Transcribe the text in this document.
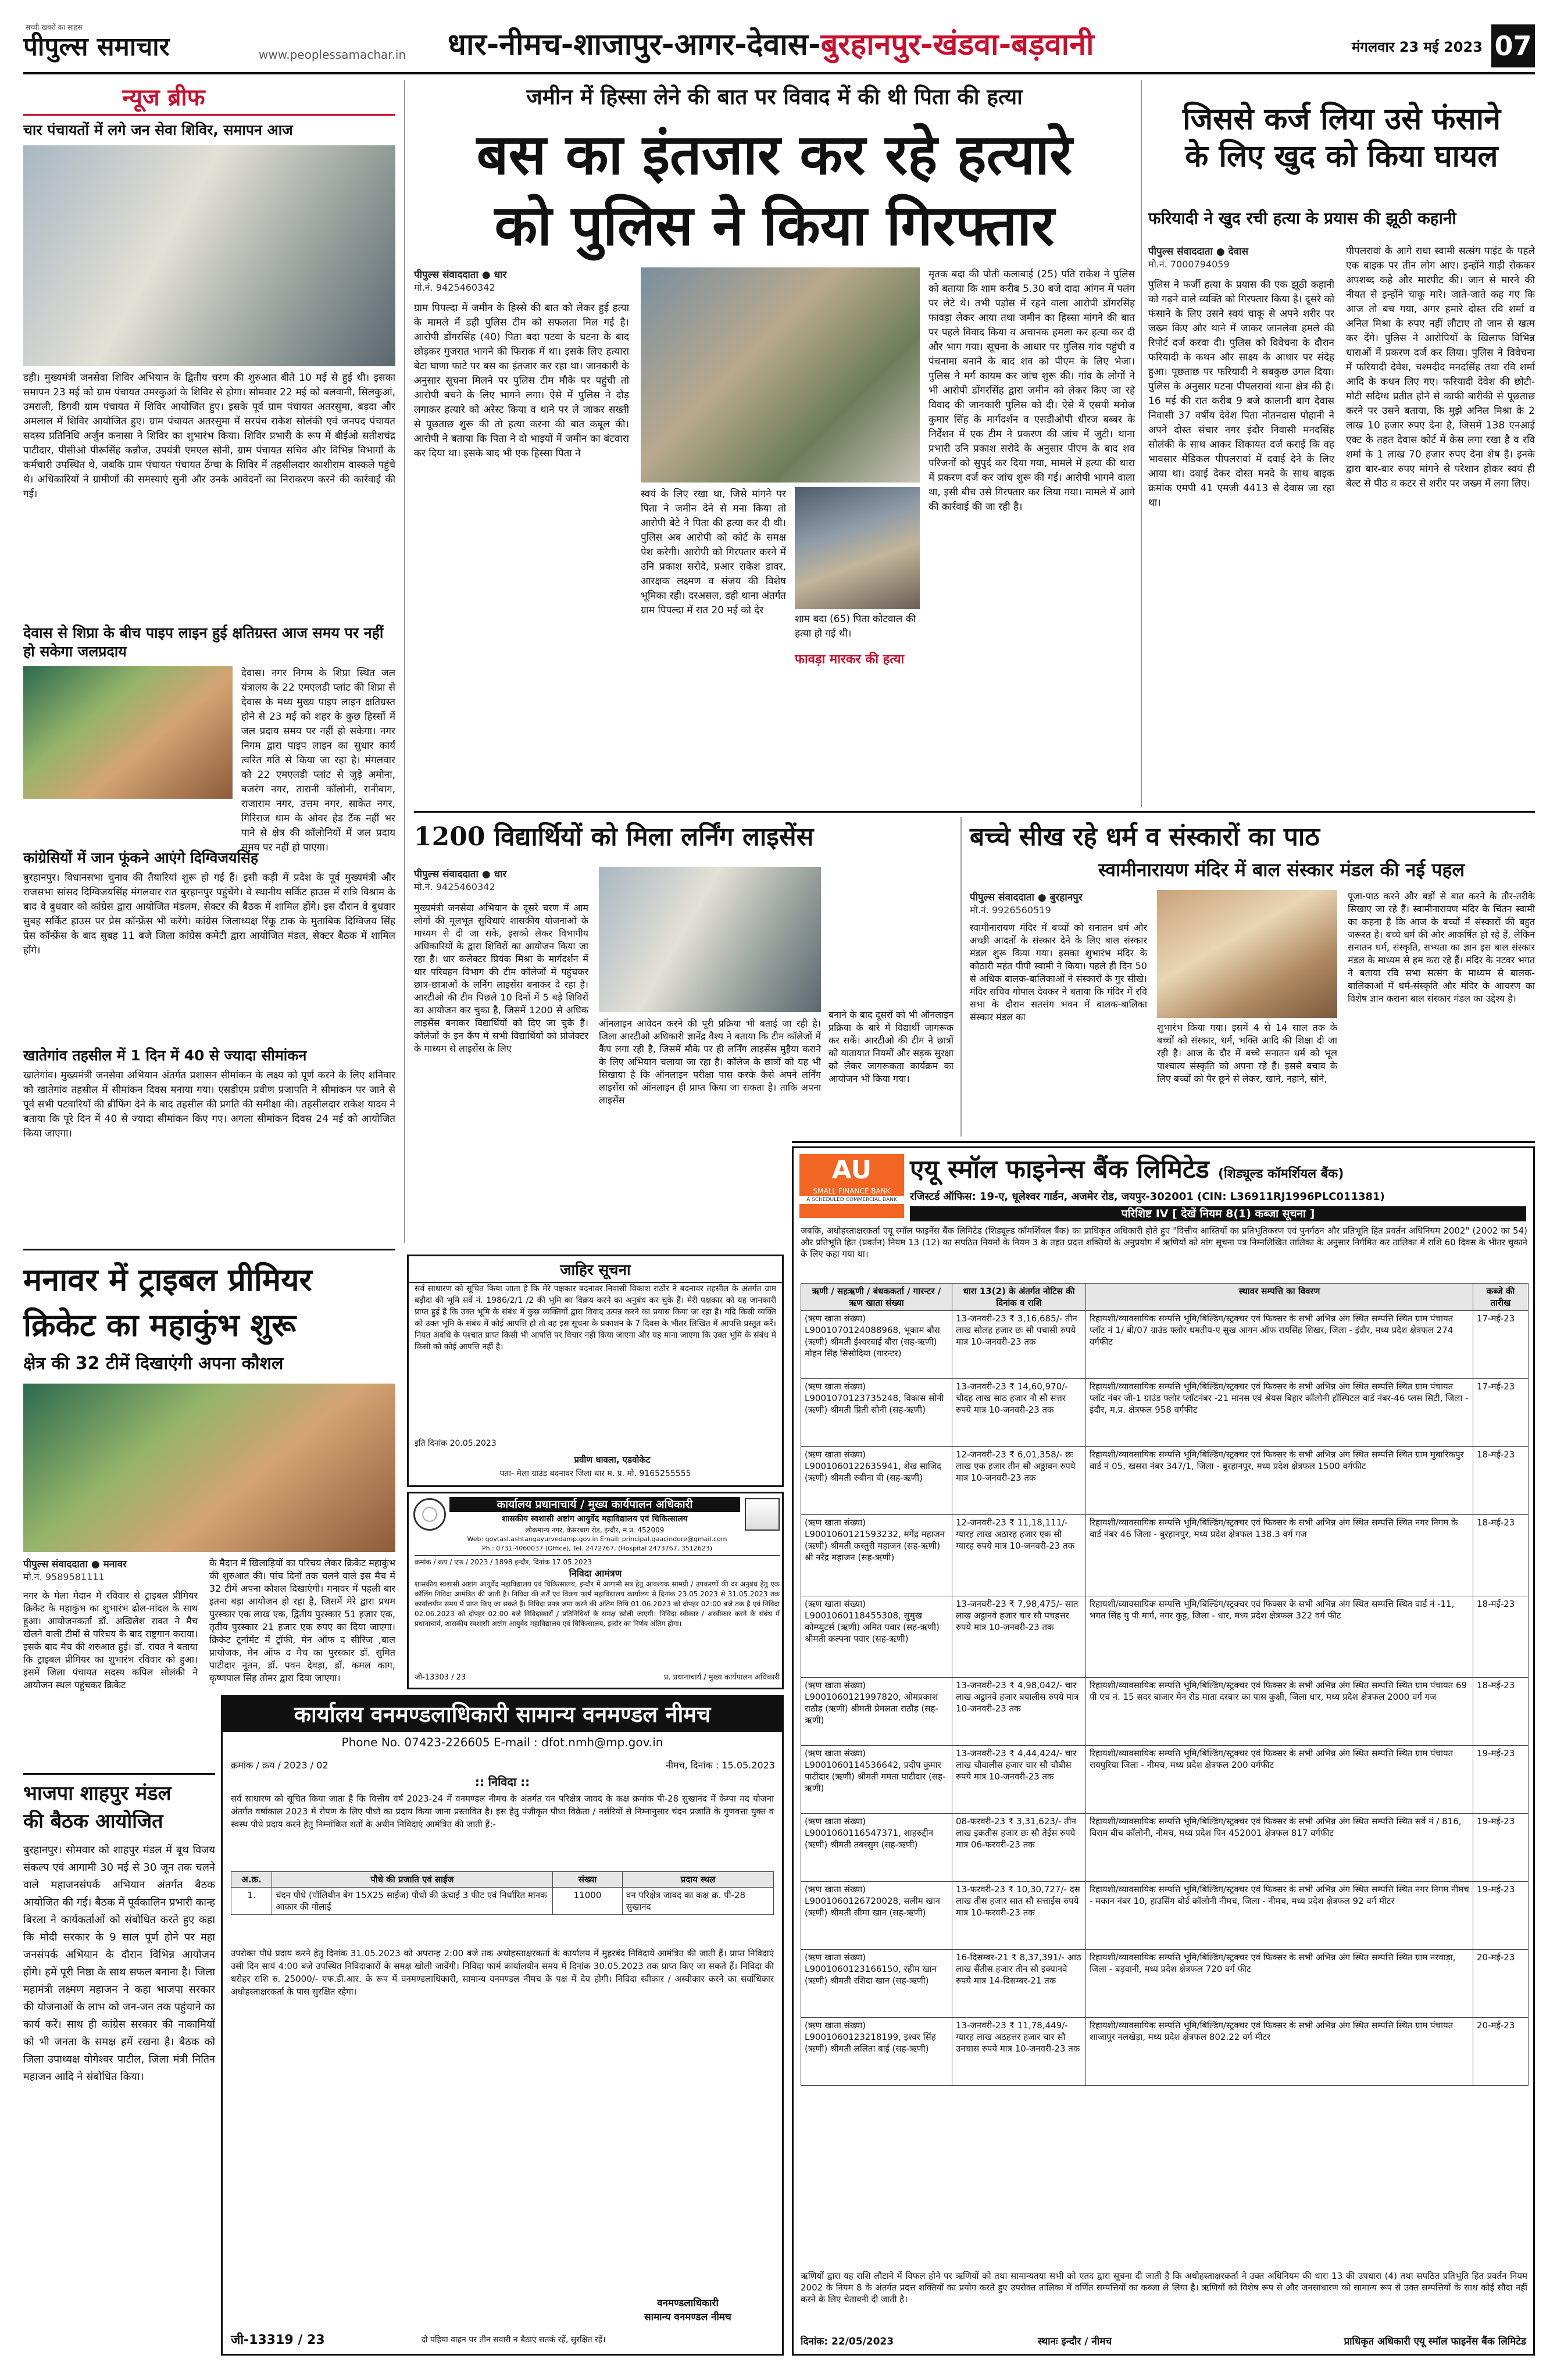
सच्ची खबरों का साहस
पीपुल्स समाचार	www.peoplessamachar.in धार-नीमच-शाजापुर-आगर-देवास-बुरहानपुर-खंडवा-बड़वानी	मंगलवार 23 मई 2023 07
न्यूज ब्रीफ
चार पंचायतों में लगे जन सेवा शिविर, समापन आज
डही। मुख्यमंत्री जनसेवा शिविर अभियान के द्वितीय चरण की शुरुआत बीते 10 मई से हुई थी। इसका समापन 23 मई को ग्राम पंचायत उमरकुआं के शिविर से होगा। सोमवार 22 मई को बलवानी, सिलकुआं, उमराली, डिगवी ग्राम पंचायत में शिविर आयोजित हुए। इसके पूर्व ग्राम पंचायत अतरसुमा, बड़दा और अमलाल में शिविर आयोजित हुए। ग्राम पंचायत अतरसुमा में सरपंच राकेश सोलंकी एवं जनपद पंचायत सदस्य प्रतिनिधि अर्जुन कनासा ने शिविर का शुभारंभ किया। शिविर प्रभारी के रूप में बीईओ सतीशचंद्र पाटीदार, पीसीओ पीरूसिंह कन्नौज, उपयंत्री एमएल सोनी, ग्राम पंचायत सचिव और विभिन्न विभागों के कर्मचारी उपस्थित थे, जबकि ग्राम पंचायत पंचायत ठेंग्चा के शिविर में तहसीलदार काशीराम वास्कले पहुंचे थे। अधिकारियों ने ग्रामीणों की समस्याएं सुनी और उनके आवेदनों का निराकरण करने की कार्रवाई की गई।
देवास से शिप्रा के बीच पाइप लाइन हुई क्षतिग्रस्त आज समय पर नहीं हो सकेगा जलप्रदाय
देवास। नगर निगम के शिप्रा स्थित जल यंत्रालय के 22 एमएलडी प्लांट की शिप्रा से देवास के मध्य मुख्य पाइप लाइन क्षतिग्रस्त होने से 23 मई को शहर के कुछ हिस्सों में जल प्रदाय समय पर नहीं हो सकेगा। नगर निगम द्वारा पाइप लाइन का सुधार कार्य त्वरित गति से किया जा रहा है। मंगलवार को 22 एमएलडी प्लांट से जुड़े अमोना, बजरंग नगर, तारानी कॉलोनी, रानीबाग, राजाराम नगर, उत्तम नगर, साकेत नगर, गिरिराज धाम के ओवर हेड टैंक नहीं भर पाने से क्षेत्र की कॉलोनियों में जल प्रदाय समय पर नहीं हो पाएगा।
कांग्रेसियों में जान फूंकने आएंगे दिग्विजयसिंह
बुरहानपुर। विधानसभा चुनाव की तैयारियां शुरू हो गई हैं। इसी कड़ी में प्रदेश के पूर्व मुख्यमंत्री और राजसभा सांसद दिग्विजयसिंह मंगलवार रात बुरहानपुर पहुंचेंगे। वे स्थानीय सर्किट हाउस में रात्रि विश्राम के बाद वे बुधवार को कांग्रेस द्वारा आयोजित मंडलम, सेक्टर की बैठक में शामिल होंगे। इस दौरान वे बुधवार सुबह सर्किट हाउस पर प्रेस कॉन्फ्रेंस भी करेंगे। कांग्रेस जिलाध्यक्ष रिंकू टाक के मुताबिक दिग्विजय सिंह प्रेस कॉन्फ्रेंस के बाद सुबह 11 बजे जिला कांग्रेस कमेटी द्वारा आयोजित मंडल, सेक्टर बैठक में शामिल होंगे।
खातेगांव तहसील में 1 दिन में 40 से ज्यादा सीमांकन
खातेगांव। मुख्यमंत्री जनसेवा अभियान अंतर्गत प्रशासन सीमांकन के लक्ष्य को पूर्ण करने के लिए शनिवार को खातेगांव तहसील में सीमांकन दिवस मनाया गया। एसडीएम प्रवीण प्रजापति ने सीमांकन पर जाने से पूर्व सभी पटवारियों की ब्रीफिंग देने के बाद तहसील की प्रगति की समीक्षा की। तहसीलदार राकेश यादव ने बताया कि पूरे दिन में 40 से ज्यादा सीमांकन किए गए। अगला सीमांकन दिवस 24 मई को आयोजित किया जाएगा।
जमीन में हिस्सा लेने की बात पर विवाद में की थी पिता की हत्या
बस का इंतजार कर रहे हत्यारे
को पुलिस ने किया गिरफ्तार
पीपुल्स संवाददाता ● धार
मो.नं. 9425460342
ग्राम पिपल्दा में जमीन के हिस्से की बात को लेकर हुई हत्या के मामले में डही पुलिस टीम को सफलता मिल गई है। आरोपी डोंगरसिंह (40) पिता बदा पटवा के घटना के बाद छोड़कर गुजरात भागने की फिराक में था। इसके लिए हत्यारा बेटा घाणा फाटे पर बस का इंतजार कर रहा था। जानकारी के अनुसार सूचना मिलने पर पुलिस टीम मौके पर पहुंची तो आरोपी बचने के लिए भागने लगा। ऐसे में पुलिस ने दौड़ लगाकर हत्यारे को अरेस्ट किया व थाने पर ले जाकर सख्ती से पूछताछ शुरू की तो हत्या करना की बात कबूल की। आरोपी ने बताया कि पिता ने दो भाइयों में जमीन का बंटवारा कर दिया था। इसके बाद भी एक हिस्सा पिता ने
स्वयं के लिए रखा था, जिसे मांगने पर पिता ने जमीन देने से मना किया तो आरोपी बेटे ने पिता की हत्या कर दी थी। पुलिस अब आरोपी को कोर्ट के समक्ष पेश करेगी। आरोपी को गिरफ्तार करने में उनि प्रकाश सरोदे, प्रआर राकेश डावर, आरक्षक लक्ष्मण व संजय की विशेष भूमिका रही। दरअसल, डही थाना अंतर्गत ग्राम पिपल्दा में रात 20 मई को देर
शाम बदा (65) पिता कोटवाल की हत्या हो गई थी।
फावड़ा मारकर की हत्या
मृतक बदा की पोती कलाबाई (25) पति राकेश ने पुलिस को बताया कि शाम करीब 5.30 बजे दादा आंगन में पलंग पर लेटे थे। तभी पड़ोस में रहने वाला आरोपी डोंगरसिंह फावड़ा लेकर आया तथा जमीन का हिस्सा मांगने की बात पर पहले विवाद किया व अचानक हमला कर हत्या कर दी और भाग गया। सूचना के आधार पर पुलिस गांव पहुंची व पंचनामा बनाने के बाद शव को पीएम के लिए भेजा। पुलिस ने मर्ग कायम कर जांच शुरू की। गांव के लोगों ने भी आरोपी डोंगरसिंह द्वारा जमीन को लेकर किए जा रहे विवाद की जानकारी पुलिस को दी। ऐसे में एसपी मनोज कुमार सिंह के मार्गदर्शन व एसडीओपी धीरज बब्बर के निर्देशन में एक टीम ने प्रकरण की जांच में जुटी। थाना प्रभारी उनि प्रकाश सरोदे के अनुसार पीएम के बाद शव परिजनों को सुपुर्द कर दिया गया, मामले में हत्या की धारा में प्रकरण दर्ज कर जांच शुरू की गई। आरोपी भागने वाला था, इसी बीच उसे गिरफ्तार कर लिया गया। मामले में आगे की कार्रवाई की जा रही है।
जिससे कर्ज लिया उसे फंसाने
के लिए खुद को किया घायल
फरियादी ने खुद रची हत्या के प्रयास की झूठी कहानी
पीपुल्स संवाददाता ● देवास
मो.नं. 7000794059
पुलिस ने फर्जी हत्या के प्रयास की एक झूठी कहानी को गढ़ने वाले व्यक्ति को गिरफ्तार किया है। दूसरे को फंसाने के लिए उसने स्वयं चाकू से अपने शरीर पर जख्म किए और थाने में जाकर जानलेवा हमले की रिपोर्ट दर्ज करवा दी। पुलिस को विवेचना के दौरान फरियादी के कथन और साक्ष्य के आधार पर संदेह हुआ। पूछताछ पर फरियादी ने सबकुछ उगल दिया। पुलिस के अनुसार घटना पीपलरावां थाना क्षेत्र की है। 16 मई की रात करीब 9 बजे कालानी बाग देवास निवासी 37 वर्षीय देवेश पिता नोतनदास पोहानी ने अपने दोस्त संचार नगर इंदौर निवासी मनदसिंह सोलंकी के साथ आकर शिकायत दर्ज कराई कि वह भावसार मेडिकल पीपलरावां में दवाई देने के लिए आया था। दवाई देकर दोस्त मनदे के साथ बाइक क्रमांक एमपी 41 एमजी 4413 से देवास जा रहा था।
पीपलरावां के आगे राधा स्वामी सत्संग पाइंट के पहले एक बाइक पर तीन लोग आए। इन्होंने गाड़ी रोककर अपशब्द कहे और मारपीट की। जान से मारने की नीयत से इन्होंने चाकू मारे। जाते-जाते कह गए कि आज तो बच गया, अगर हमारे दोस्त रवि शर्मा व अनिल मिश्रा के रुपए नहीं लौटाए तो जान से खत्म कर देंगे। पुलिस ने आरोपियों के खिलाफ विभिन्न धाराओं में प्रकरण दर्ज कर लिया। पुलिस ने विवेचना में फरियादी देवेश, चश्मदीद मनदसिंह तथा रवि शर्मा आदि के कथन लिए गए। फरियादी देवेश की छोटी-मोटी सदिग्ध प्रतीत होने से काफी बारीकी से पूछताछ करने पर उसने बताया, कि मुझे अनिल मिश्रा के 2 लाख 10 हजार रुपए देना है, जिसमें 138 एनआई एक्ट के तहत देवास कोर्ट में केस लगा रखा है व रवि शर्मा के 1 लाख 70 हजार रुपए देना शेष है। इनके द्वारा बार-बार रुपए मांगने से परेशान होकर स्वयं ही बेल्ट से पीठ व कटर से शरीर पर जख्म में लगा लिए।
1200 विद्यार्थियों को मिला लर्निंग लाइसेंस
पीपुल्स संवाददाता ● धार
मो.नं. 9425460342
मुख्यमंत्री जनसेवा अभियान के दूसरे चरण में आम लोगों की मूलभूत सुविधाएं शासकीय योजनाओं के माध्यम से दी जा सके, इसको लेकर विभागीय अधिकारियों के द्वारा शिविरों का आयोजन किया जा रहा है। धार कलेक्टर प्रियंक मिश्रा के मार्गदर्शन में धार परिवहन विभाग की टीम कॉलेजों में पहुंचकर छात्र-छात्राओं के लर्निंग लाइसेंस बनाकर दे रहा है। आरटीओ की टीम पिछले 10 दिनों में 5 बड़े शिविरों का आयोजन कर चुका है, जिसमें 1200 से अधिक लाइसेंस बनाकर विद्यार्थियों को दिए जा चुके हैं। कॉलेजों के इन कैंप में सभी विद्यार्थियों को प्रोजेक्टर के माध्यम से लाइसेंस के लिए
ऑनलाइन आवेदन करने की पूरी प्रक्रिया भी बताई जा रही है। जिला आरटीओ अधिकारी ज्ञानेंद्र वैश्य ने बताया कि टीम कॉलेजों में कैंप लगा रही है, जिसमें मौके पर ही लर्निंग लाइसेंस मुहैया कराने के लिए अभियान चलाया जा रहा है। कॉलेज के छात्रों को यह भी सिखाया है कि ऑनलाइन परीक्षा पास करके कैसे अपने लर्निंग लाइसेंस को ऑनलाइन ही प्राप्त किया जा सकता है। ताकि अपना लाइसेंस
बनाने के बाद दूसरों को भी ऑनलाइन प्रक्रिया के बारे में विद्यार्थी जागरूक कर सकें। आरटीओ की टीम ने छात्रों को यातायात नियमों और सड़क सुरक्षा को लेकर जागरूकता कार्यक्रम का आयोजन भी किया गया।
बच्चे सीख रहे धर्म व संस्कारों का पाठ
स्वामीनारायण मंदिर में बाल संस्कार मंडल की नई पहल
पीपुल्स संवाददाता ● बुरहानपुर
मो.नं. 9926560519
स्वामीनारायण मंदिर में बच्चों को सनातन धर्म और अच्छी आदतों के संस्कार देने के लिए बाल संस्कार मंडल शुरू किया गया। इसका शुभारंभ मंदिर के कोठारी महंत पीपी स्वामी ने किया। पहले ही दिन 50 से अधिक बालक-बालिकाओं ने संस्कारों के गुर सीखे। मंदिर सचिव गोपाल देवकर ने बताया कि मंदिर में रवि सभा के दौरान सतसंग भवन में बालक-बालिका संस्कार मंडल का
शुभारंभ किया गया। इसमें 4 से 14 साल तक के बच्चों को संस्कार, धर्म, भक्ति आदि की शिक्षा दी जा रही है। आज के दौर में बच्चे सनातन धर्म को भूल पाश्चात्य संस्कृति को अपना रहे हैं। इससे बचाव के लिए बच्चों को पैर छूने से लेकर, खाने, नहाने, सोने,
पूजा-पाठ करने और बड़ों से बात करने के तौर-तरीके सिखाए जा रहे हैं। स्वामीनारायण मंदिर के चिंतन स्वामी का कहना है कि आज के बच्चों में संस्कारों की बहुत जरूरत है। बच्चे धर्म की ओर आकर्षित हो रहे हैं, लेकिन सनातन धर्म, संस्कृति, सभ्यता का ज्ञान इस बाल संस्कार मंडल के माध्यम से हम करा रहे हैं। मंदिर के नटवर भगत ने बताया रवि सभा सत्संग के माध्यम से बालक-बालिकाओं में धर्म-संस्कृति और मंदिर के आचरण का विशेष ज्ञान कराना बाल संस्कार मंडल का उद्देश्य है।
AU
SMALL FINANCE BANK
A SCHEDULED COMMERCIAL BANK
एयू स्मॉल फाइनेन्स बैंक लिमिटेड (शिड्यूल्ड कॉमर्शियल बैंक)
रजिस्टर्ड ऑफिस: 19-ए, धूलेश्वर गार्डन, अजमेर रोड, जयपुर-302001 (CIN: L36911RJ1996PLC011381)
परिशिष्ट IV [ देखें नियम 8(1) कब्जा सूचना ]
जबकि, अधोहस्ताक्षरकर्ता एयू स्मॉल फाइनेंस बैंक लिमिटेड (शिड्यूल्ड कॉमर्शियल बैंक) का प्राधिकृत अधिकारी होते हुए "वित्तीय आस्तियों का प्रतिभूतिकरण एवं पुनर्गठन और प्रतिभूति हित प्रवर्तन अधिनियम 2002" (2002 का 54) और प्रतिभूति हित (प्रवर्तन) नियम 13 (12) का सपठित नियमों के नियम 3 के तहत प्रदत्त शक्तियों के अनुप्रयोग में ऋणियों को मांग सूचना पत्र निम्नलिखित तालिका के अनुसार निर्गमित कर तालिका में राशि 60 दिवस के भीतर चुकाने के लिए कहा गया था।
ऋणी / सहऋणी / बंधककर्ता / गारन्टर / ऋण खाता संख्या	धारा 13(2) के अंतर्गत नोटिस की दिनांक व राशि	स्थावर सम्पत्ति का विवरण	कब्जे की तारीख
(ऋण खाता संख्या) L9001070124088968, भूकाम बौरा (ऋणी) श्रीमती ईश्वरबाई बौरा (सह-ऋणी) मोहन सिंह सिसोदिया (गारन्टर)	13-जनवरी-23 ₹ 3,16,685/- तीन लाख सोलह हजार छः सौ पचासी रुपये मात्र 10-जनवरी-23 तक	रिहायशी/व्यावसायिक सम्पत्ति भूमि/बिल्डिंग/स्ट्रक्चर एवं फिक्सर के सभी अभिन्न अंग स्थित सम्पत्ति स्थित ग्राम पंचायत प्लॉट नं 1/ बी/07 ग्राउंड फ्लोर धमतीय-ए सुख आगन ऑफ रायसिंह शिखर, जिला - इंदौर, मध्य प्रदेश क्षेत्रफल 274 वर्गफीट	17-मई-23
(ऋण खाता संख्या) L9001070123735248, विकास सोनी (ऋणी) श्रीमती प्रिती सोनी (सह-ऋणी)	13-जनवरी-23 ₹ 14,60,970/- चौदह लाख साठ हजार नौ सौ सत्तर रुपये मात्र 10-जनवरी-23 तक	रिहायशी/व्यावसायिक सम्पत्ति भूमि/बिल्डिंग/स्ट्रक्चर एवं फिक्सर के सभी अभिन्न अंग स्थित सम्पत्ति स्थित ग्राम पंचायत प्लॉट नंबर जी-1 ग्राउंड फ्लोर प्लॉटनंबर -21 मानस एवं श्रेयस बिहार कॉलोनी हॉस्पिटल वार्ड नंबर-46 प्लस सिटी, जिला - इंदौर, म.प्र. क्षेत्रफल 958 वर्गफीट	17-मई-23
(ऋण खाता संख्या) L9001060122635941, शेख साजिद (ऋणी) श्रीमती रुबीना बी (सह-ऋणी)	12-जनवरी-23 ₹ 6,01,358/- छः लाख एक हजार तीन सौ अठ्ठावन रुपये मात्र 10-जनवरी-23 तक	रिहायशी/व्यावसायिक सम्पत्ति भूमि/बिल्डिंग/स्ट्रक्चर एवं फिक्सर के सभी अभिन्न अंग स्थित सम्पत्ति स्थित ग्राम मुबारिकपुर वार्ड नं 05, खसरा नंबर 347/1, जिला - बुरहानपुर, मध्य प्रदेश क्षेत्रफल 1500 वर्गफीट	18-मई-23
(ऋण खाता संख्या) L9001060121593232, मगेंद्र महाजन (ऋणी) श्रीमती कस्तुरी महाजन (सह-ऋणी) श्री नरेंद्र महाजन (सह-ऋणी)	12-जनवरी-23 ₹ 11,18,111/- ग्यारह लाख अठारह हजार एक सौ ग्यारह रुपये मात्र 10-जनवरी-23 तक	रिहायशी/व्यावसायिक सम्पत्ति भूमि/बिल्डिंग/स्ट्रक्चर एवं फिक्सर के सभी अभिन्न अंग स्थित सम्पत्ति स्थित नगर निगम के वार्ड नंबर 46 जिला - बुरहानपुर, मध्य प्रदेश क्षेत्रफल 138.3 वर्ग गज	18-मई-23
(ऋण खाता संख्या) L9001060118455308, सुमुख कोम्प्युटर्स (ऋणी) अमित पवार (सह-ऋणी) श्रीमती कल्पना पवार (सह-ऋणी)	13-जनवरी-23 ₹ 7,98,475/- सात लाख अट्ठानवे हजार चार सौ पचहत्तर रुपये मात्र 10-जनवरी-23 तक	रिहायशी/व्यावसायिक सम्पत्ति भूमि/बिल्डिंग/स्ट्रक्चर एवं फिक्सर के सभी अभिन्न अंग स्थित सम्पत्ति स्थित वार्ड नं -11, भगत सिंह यु पी मार्ग, नगर कुट्ट, जिला - धार, मध्य प्रदेश क्षेत्रफल 322 वर्ग फीट	18-मई-23
(ऋण खाता संख्या) L9001060121997820, ओमप्रकाश राठौड़ (ऋणी) श्रीमती प्रेमलता राठौड़ (सह-ऋणी)	13-जनवरी-23 ₹ 4,98,042/- चार लाख अट्ठानवे हजार बयालीस रुपये मात्र 10-जनवरी-23 तक	रिहायशी/व्यावसायिक सम्पत्ति भूमि/बिल्डिंग/स्ट्रक्चर एवं फिक्सर के सभी अभिन्न अंग स्थित सम्पत्ति स्थित ग्राम पंचायत 69 पी एच नं. 15 सदर बाजार मेन रोड माता दरबार का पास कुक्षी, जिला धार, मध्य प्रदेश क्षेत्रफल 2000 वर्ग गज	18-मई-23
(ऋण खाता संख्या) L9001060114536642, प्रदीप कुमार पाटीदार (ऋणी) श्रीमती ममता पाटीदार (सह-ऋणी)	13-जनवरी-23 ₹ 4,44,424/- चार लाख चौवालीस हजार चार सौ चौबीस रुपये मात्र 10-जनवरी-23 तक	रिहायशी/व्यावसायिक सम्पत्ति भूमि/बिल्डिंग/स्ट्रक्चर एवं फिक्सर के सभी अभिन्न अंग स्थित सम्पत्ति स्थित ग्राम पंचायत रायपुरिया जिला - नीमच, मध्य प्रदेश क्षेत्रफल 200 वर्गफीट	19-मई-23
(ऋण खाता संख्या) L9001060116547371, शाहरुद्दीन (ऋणी) श्रीमती तबस्सुम (सह-ऋणी)	08-फरवरी-23 ₹ 3,31,623/- तीन लाख इकतीस हजार छः सौ तेईस रुपये मात्र 06-फरवरी-23 तक	रिहायशी/व्यावसायिक सम्पत्ति भूमि/बिल्डिंग/स्ट्रक्चर एवं फिक्सर के सभी अभिन्न अंग स्थित सम्पत्ति स्थित सर्वे नं / 816, विराम बीच कॉलोनी, नीमच, मध्य प्रदेश पिन 452001 क्षेत्रफल 817 वर्गफीट	19-मई-23
(ऋण खाता संख्या) L9001060126720028, सलीम खान (ऋणी) श्रीमती सीमा खान (सह-ऋणी)	13-फरवरी-23 ₹ 10,30,727/- दस लाख तीस हजार सात सौ सत्ताईस रुपये मात्र 10-फरवरी-23 तक	रिहायशी/व्यावसायिक सम्पत्ति भूमि/बिल्डिंग/स्ट्रक्चर एवं फिक्सर के सभी अभिन्न अंग स्थित सम्पत्ति स्थित नगर निगम नीमच - मकान नंबर 10, हाउसिंग बोर्ड कॉलोनी नीमच, जिला - नीमच, मध्य प्रदेश क्षेत्रफल 92 वर्ग मीटर	19-मई-23
(ऋण खाता संख्या) L9001060123166150, रहीम खान (ऋणी) श्रीमती रशिदा खान (सह-ऋणी)	16-दिसम्बर-21 ₹ 8,37,391/- आठ लाख सैंतीस हजार तीन सौ इक्यानवे रुपये मात्र 14-दिसम्बर-21 तक	रिहायशी/व्यावसायिक सम्पत्ति भूमि/बिल्डिंग/स्ट्रक्चर एवं फिक्सर के सभी अभिन्न अंग स्थित सम्पत्ति स्थित ग्राम नरवाड़ा, जिला - बड़वानी, मध्य प्रदेश क्षेत्रफल 720 वर्ग फीट	20-मई-23
(ऋण खाता संख्या) L9001060123218199, इश्वर सिंह (ऋणी) श्रीमती ललिता बाई (सह-ऋणी)	13-जनवरी-23 ₹ 11,78,449/- ग्यारह लाख अठहत्तर हजार चार सौ उनचास रुपये मात्र 10-जनवरी-23 तक	रिहायशी/व्यावसायिक सम्पत्ति भूमि/बिल्डिंग/स्ट्रक्चर एवं फिक्सर के सभी अभिन्न अंग स्थित सम्पत्ति स्थित ग्राम पंचायत शाजापुर नलखेड़ा, मध्य प्रदेश क्षेत्रफल 802.22 वर्ग मीटर	20-मई-23
ऋणियों द्वारा यह राशि लौटाने में विफल होने पर ऋणियों को तथा सामान्यतया सभी को एतद द्वारा सूचना दी जाती है कि अधोहस्ताक्षरकर्ता ने उक्त अधिनियम की धारा 13 की उपधारा (4) तथा सपठित प्रतिभूति हित प्रवर्तन नियम 2002 के नियम 8 के अंतर्गत प्रदत्त शक्तियों का प्रयोग करते हुए उपरोक्त तालिका में वर्णित सम्पत्तियों का कब्जा ले लिया है। ऋणियों को विशेष रूप से और जनसाधारण को सामान्य रूप से उक्त सम्पत्तियों के साथ कोई सौदा नहीं करने के लिए चेतावनी दी जाती है।
दिनांक: 22/05/2023	स्थानः इन्दौर / नीमच	प्राधिकृत अधिकारी एयू स्मॉल फाइनेंस बैंक लिमिटेड
मनावर में ट्राइबल प्रीमियर
क्रिकेट का महाकुंभ शुरू
क्षेत्र की 32 टीमें दिखाएंगी अपना कौशल
पीपुल्स संवाददाता ● मनावर
मो.नं. 9589581111
नगर के मेला मैदान में रविवार से ट्राइबल प्रीमियर क्रिकेट के महाकुंभ का शुभारंभ ढोल-मांदल के साथ हुआ। आयोजनकर्ता डॉ. अखिलेश रावत ने मैच खेलने वाली टीमों से परिचय के बाद राष्ट्रगान कराया। इसके बाद मैच की शरुआत हुई। डॉ. रावत ने बताया कि ट्राइबल प्रीमियर का शुभारंभ रविवार को हुआ। इसमें जिला पंचायत सदस्य कपिल सोलंकी ने आयोजन स्थल पहुंचकर क्रिकेट
के मैदान में खिलाड़ियों का परिचय लेकर क्रिकेट महाकुंभ की शुरुआत की। पांच दिनों तक चलने वाले इस मैच में 32 टीमें अपना कौशल दिखाएंगी। मनावर में पहली बार इतना बड़ा आयोजन हो रहा है, जिसमें मेरे द्वारा प्रथम पुरस्कार एक लाख एक, द्वितीय पुरस्कार 51 हजार एक, तृतीय पुरस्कार 21 हजार एक रुपए का दिया जाएगा। क्रिकेट टूर्नामेंट में ट्रॉफी, मेन ऑफ द सीरिज ,बाल प्रायोजक, मेन ऑफ द मैच का पुरस्कार डॉ. सुमित पाटीदार नूतन, डॉ. पवन देवड़ा, डॉ. कमल काग, कृष्णपाल सिंह तोमर द्वारा दिया जाएगा।
भाजपा शाहपुर मंडल
की बैठक आयोजित
बुरहानपुर। सोमवार को शाहपुर मंडल में बूथ विजय संकल्प एवं आगामी 30 मई से 30 जून तक चलने वाले महाजनसंपर्क अभियान अंतर्गत बैठक आयोजित की गई। बैठक में पूर्वकालिन प्रभारी कान्ह बिरला ने कार्यकर्ताओं को संबोधित करते हुए कहा कि मोदी सरकार के 9 साल पूर्ण होने पर महा जनसंपर्क अभियान के दौरान विभिन्न आयोजन होंगे। हमें पूरी निष्ठा के साथ सफल बनाना है। जिला महामंत्री लक्ष्मण महाजन ने कहा भाजपा सरकार की योजनाओं के लाभ को जन-जन तक पहुंचाने का कार्य करें। साथ ही कांग्रेस सरकार की नाकामियों को भी जनता के समक्ष हमें रखना है। बैठक को जिला उपाध्यक्ष योगेश्वर पाटील, जिला मंत्री नितिन महाजन आदि ने संबोधित किया।
जाहिर सूचना
सर्व साधारण को सूचित किया जाता है कि मेरे पक्षकार बदनावर निवासी विकाश राठौर ने बदनावर तहसील के अंतर्गत ग्राम बड़ौदा की भूमि सर्वे नं. 1986/2/1 /2 की भूमि का विक्रय करने का अनुबंध कर चुके हैं। मेरी पक्षकार को यह जानकारी प्राप्त हुई है कि उक्त भूमि के संबंध में कुछ व्यक्तियों द्वारा विवाद उत्पन्न करने का प्रयास किया जा रहा है। यदि किसी व्यक्ति को उक्त भूमि के संबंध में कोई आपत्ति हो तो वह इस सूचना के प्रकाशन के 7 दिवस के भीतर लिखित में आपत्ति प्रस्तुत करें। नियत अवधि के पश्चात प्राप्त किसी भी आपत्ति पर विचार नहीं किया जाएगा और यह माना जाएगा कि उक्त भूमि के संबंध में किसी को कोई आपत्ति नहीं है।
इति दिनांक 20.05.2023
प्रवीण धावला, एडवोकेट
पता- मेला ग्राउंड बदनावर जिला धार म. प्र. मो. 9165255555
कार्यालय प्रधानाचार्य / मुख्य कार्यपालन अधिकारी
शासकीय स्वशासी अष्टांग आयुर्वेद महाविद्यालय एवं चिकित्सालय
लोकमान्य नगर, केसरबाग रोड, इन्दौर, म.प्र. 452009
Web: govtasl.ashtangayurvedamp.gov.in Email: principal.gaacindore@gmail.com
Ph.: 0731-4060037 (Office), Tel. 2472767, (Hospital 2473767, 3512623)
क्रमांक / क्रय / एफ / 2023 / 1898 इन्दौर, दिनांक 17.05.2023
निविदा आमंत्रण
शासकीय स्वशासी अष्टांग आयुर्वेद महाविद्यालय एवं चिकित्सालय, इन्दौर में आगामी सत्र हेतु आवश्यक सामग्री / उपकरणों की दर अनुबंध हेतु एक कॉलिंग निविदा आमंत्रित की जाती है। निविदा की शर्तें एवं विक्रय फार्म महाविद्यालय कार्यालय से दिनांक 23.05.2023 से 31.05.2023 तक कार्यालयीन समय में प्राप्त किए जा सकते हैं। निविदा प्रपत्र जमा करने की अंतिम तिथि 01.06.2023 को दोपहर 02:00 बजे तक है एवं निविदा 02.06.2023 को दोपहर 02:00 बजे निविदाकारों / प्रतिनिधियों के समक्ष खोली जाएगी। निविदा स्वीकार / अस्वीकार करने के संबंध में प्रधानाचार्य, शासकीय स्वशासी अष्टांग आयुर्वेद महाविद्यालय एवं चिकित्सालय, इन्दौर का निर्णय अंतिम होगा।
जी-13303 / 23	प्र. प्रधानाचार्य / मुख्य कार्यपालन अधिकारी
कार्यालय वनमण्डलाधिकारी सामान्य वनमण्डल नीमच
Phone No. 07423-226605 E-mail : dfot.nmh@mp.gov.in
क्रमांक / क्रय / 2023 / 02	नीमच, दिनांक : 15.05.2023
:: निविदा ::
सर्व साधारण को सूचित किया जाता है कि वित्तीय वर्ष 2023-24 में वनमण्डल नीमच के अंतर्गत वन परिक्षेत्र जावद के कक्ष क्रमांक पी-28 सुखानंद में केम्पा मद योजना अंतर्गत वर्षाकाल 2023 में रोपण के लिए पौधों का प्रदाय किया जाना प्रस्तावित है। इस हेतु पंजीकृत पौधा विक्रेता / नर्सरियों से निम्नानुसार चंदन प्रजाति के गुणवत्ता युक्त व स्वस्थ पौधे प्रदाय करने हेतु निम्नांकित शर्तों के अधीन निविदाएं आमंत्रित की जाती हैं:-
अ.क्र.	पौधे की प्रजाति एवं साईज	संख्या	प्रदाय स्थल
1.	चंदन पौधे (पॉलिथीन बेग 15X25 साईज) पौधों की ऊंचाई 3 फीट एवं निर्धारित मानक आकार की गोलाई	11000	वन परिक्षेत्र जावद का कक्ष क्र. पी-28 सुखानंद
उपरोक्त पौधे प्रदाय करने हेतु दिनांक 31.05.2023 को अपरान्ह 2:00 बजे तक अधोहस्ताक्षरकर्ता के कार्यालय में मुहरबंद निविदायें आमंत्रित की जाती हैं। प्राप्त निविदाएं उसी दिन सायं 4:00 बजे उपस्थित निविदाकारों के समक्ष खोली जावेंगी। निविदा फार्म कार्यालयीन समय में दिनांक 30.05.2023 तक प्राप्त किए जा सकते हैं। निविदा की धरोहर राशि रु. 25000/- एफ.डी.आर. के रूप में वनमण्डलाधिकारी, सामान्य वनमण्डल नीमच के पक्ष में देय होगी। निविदा स्वीकार / अस्वीकार करने का सर्वाधिकार अधोहस्ताक्षरकर्ता के पास सुरक्षित रहेगा।
वनमण्डलाधिकारी
सामान्य वनमण्डल नीमच
जी-13319 / 23	दो पहिया वाहन पर तीन सवारी न बैठाएं सतर्क रहें, सुरक्षित रहें।
